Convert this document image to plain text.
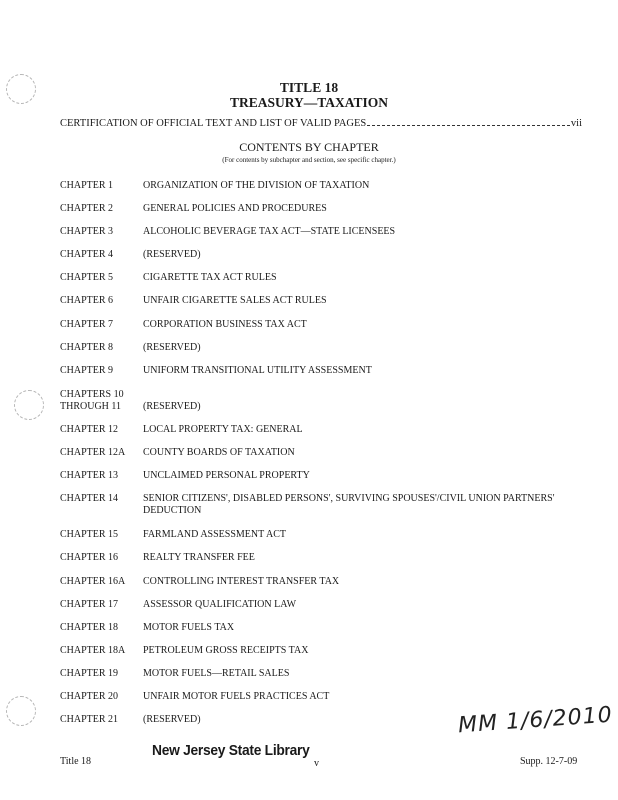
TITLE 18
TREASURY—TAXATION
CERTIFICATION OF OFFICIAL TEXT AND LIST OF VALID PAGES	vii
CONTENTS BY CHAPTER
(For contents by subchapter and section, see specific chapter.)
CHAPTER 1	ORGANIZATION OF THE DIVISION OF TAXATION
CHAPTER 2	GENERAL POLICIES AND PROCEDURES
CHAPTER 3	ALCOHOLIC BEVERAGE TAX ACT—STATE LICENSEES
CHAPTER 4	(RESERVED)
CHAPTER 5	CIGARETTE TAX ACT RULES
CHAPTER 6	UNFAIR CIGARETTE SALES ACT RULES
CHAPTER 7	CORPORATION BUSINESS TAX ACT
CHAPTER 8	(RESERVED)
CHAPTER 9	UNIFORM TRANSITIONAL UTILITY ASSESSMENT
CHAPTERS 10 THROUGH 11	(RESERVED)
CHAPTER 12	LOCAL PROPERTY TAX: GENERAL
CHAPTER 12A	COUNTY BOARDS OF TAXATION
CHAPTER 13	UNCLAIMED PERSONAL PROPERTY
CHAPTER 14	SENIOR CITIZENS', DISABLED PERSONS', SURVIVING SPOUSES'/CIVIL UNION PARTNERS' DEDUCTION
CHAPTER 15	FARMLAND ASSESSMENT ACT
CHAPTER 16	REALTY TRANSFER FEE
CHAPTER 16A	CONTROLLING INTEREST TRANSFER TAX
CHAPTER 17	ASSESSOR QUALIFICATION LAW
CHAPTER 18	MOTOR FUELS TAX
CHAPTER 18A	PETROLEUM GROSS RECEIPTS TAX
CHAPTER 19	MOTOR FUELS—RETAIL SALES
CHAPTER 20	UNFAIR MOTOR FUELS PRACTICES ACT
CHAPTER 21	(RESERVED)	MM 1/6/2010
Title 18
New Jersey State Library
v	Supp. 12-7-09
